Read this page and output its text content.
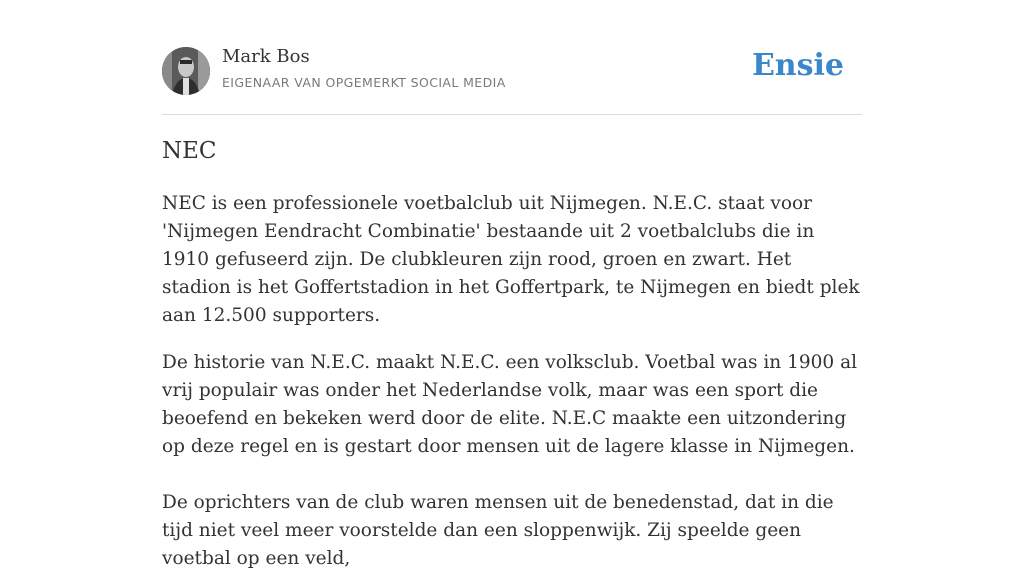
Mark Bos
EIGENAAR VAN OPGEMERKT SOCIAL MEDIA	Ensie
NEC

NEC is een professionele voetbalclub uit Nijmegen. N.E.C. staat voor 'Nijmegen Eendracht Combinatie' bestaande uit 2 voetbalclubs die in 1910 gefuseerd zijn. De clubkleuren zijn rood, groen en zwart. Het stadion is het Goffertstadion in het Goffertpark, te Nijmegen en biedt plek aan 12.500 supporters.

De historie van N.E.C. maakt N.E.C. een volksclub. Voetbal was in 1900 al vrij populair was onder het Nederlandse volk, maar was een sport die beoefend en bekeken werd door de elite. N.E.C maakte een uitzondering op deze regel en is gestart door mensen uit de lagere klasse in Nijmegen.

De oprichters van de club waren mensen uit de benedenstad, dat in die tijd niet veel meer voorstelde dan een sloppenwijk. Zij speelde geen voetbal op een veld,
